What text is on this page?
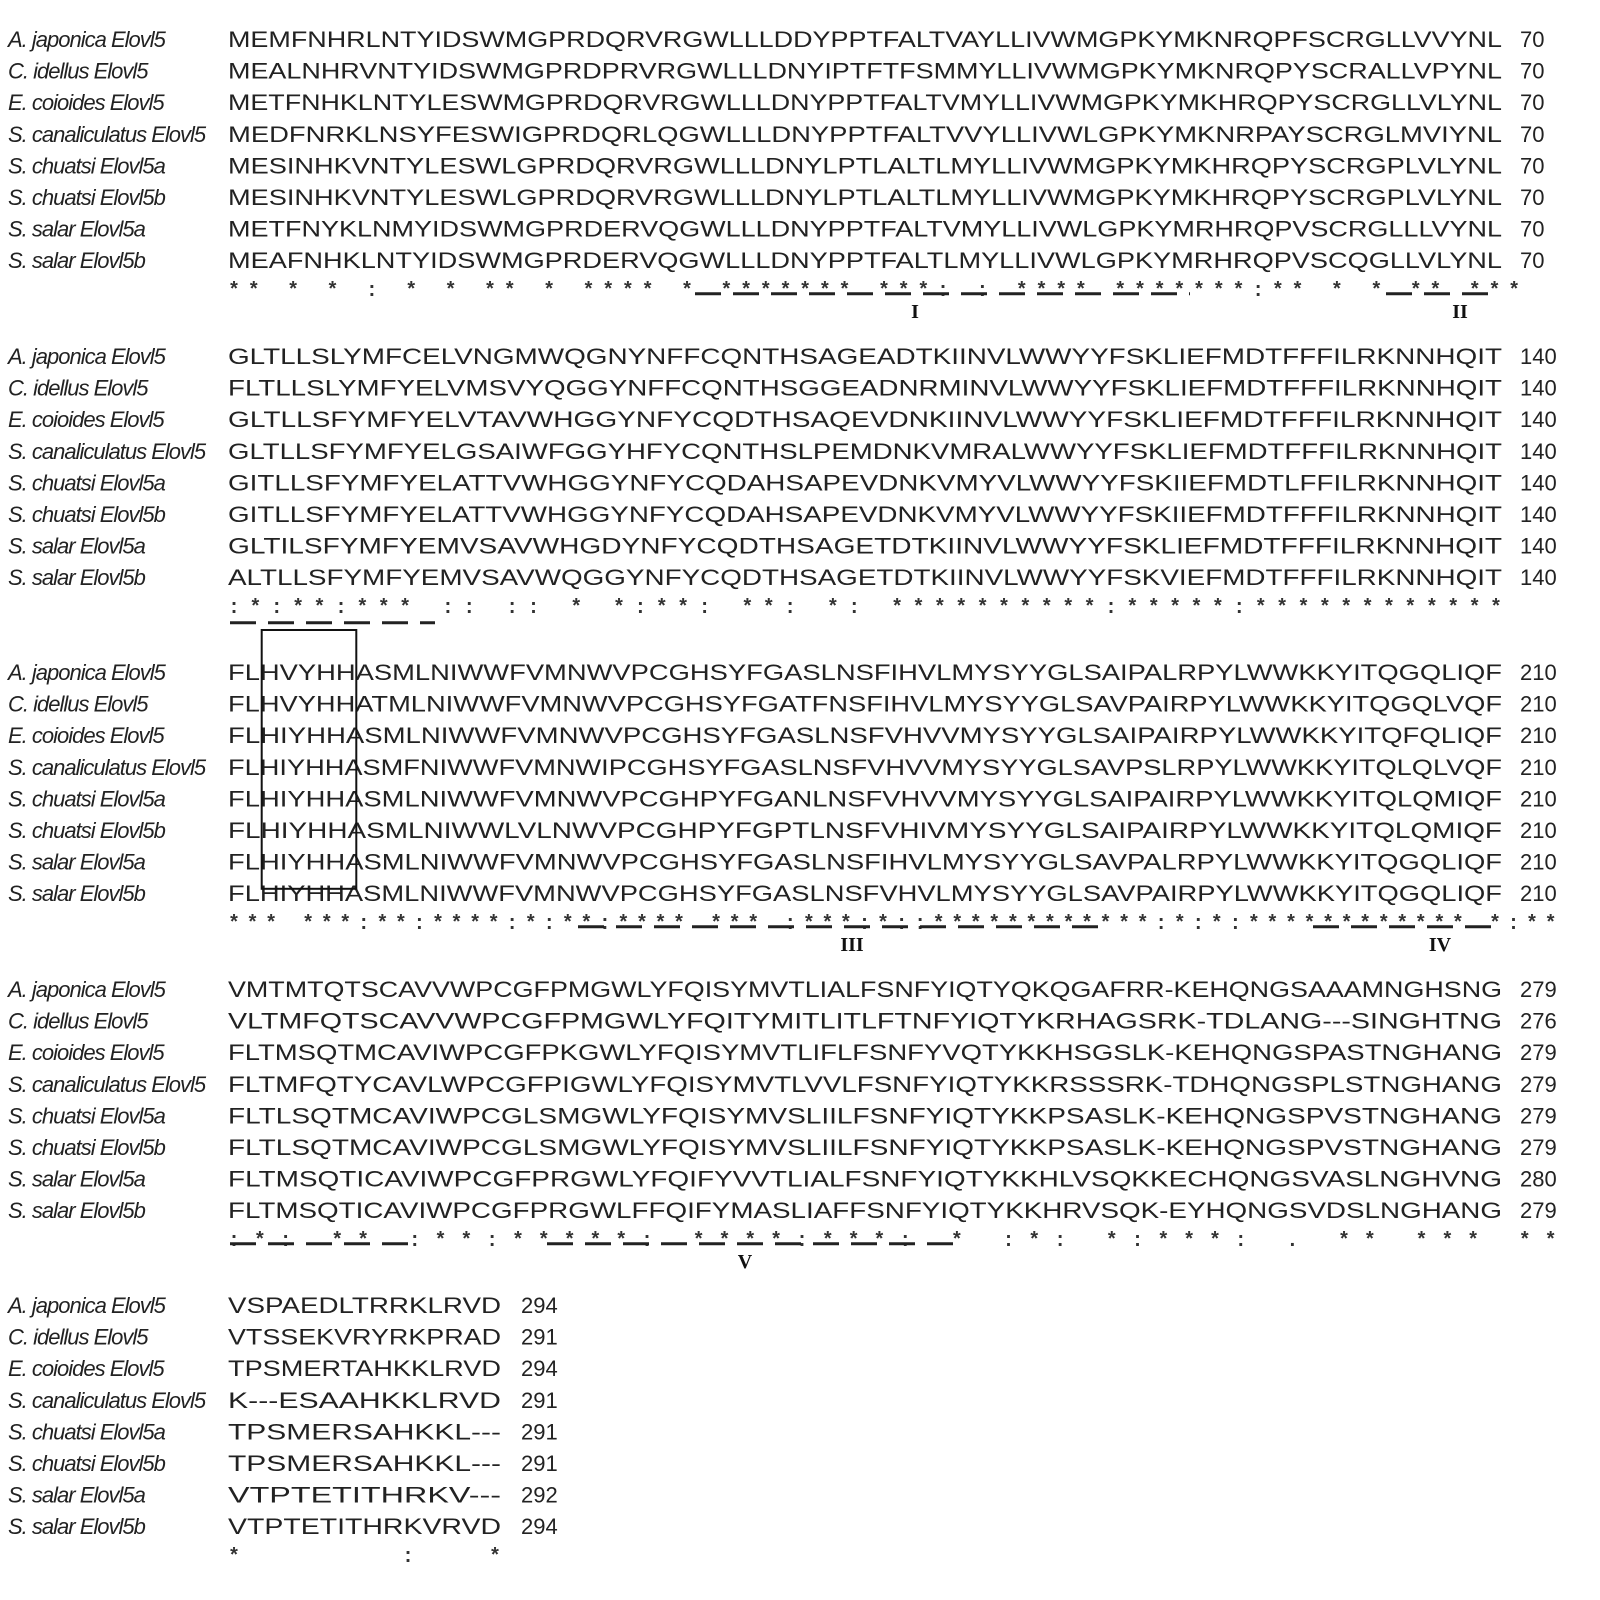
A. japonica Elovl5	MEMFNHRLNTYIDSWMGPRDQRVRGWLLLDDYPPTFALTVAYLLIVWMGPKYMKNRQPFSCRGLLVVYNL 70
C. idellus Elovl5	MEALNHRVNTYIDSWMGPRDPRVRGWLLLDNYIPTFTFSMMYLLIVWMGPKYMKNRQPYSCRALLVPYNL 70
E. coioides Elovl5	METFNHKLNTYLESWMGPRDQRVRGWLLLDNYPPTFALTVMYLLIVWMGPKYMKHRQPYSCRGLLVLYNL 70
S. canaliculatus Elovl5 MEDFNRKLNSYFESWIGPRDQRLQGWLLLDNYPPTFALTVVYLLIVWLGPKYMKNRPAYSCRGLMVIYNL 70
S. chuatsi Elovl5a	MESINHKVNTYLESWLGPRDQRVRGWLLLDNYLPTLALTLMYLLIVWMGPKYMKHRQPYSCRGPLVLYNL 70
S. chuatsi Elovl5b	MESINHKVNTYLESWLGPRDQRVRGWLLLDNYLPTLALTLMYLLIVWMGPKYMKHRQPYSCRGPLVLYNL 70
S. salar Elovl5a	METFNYKLNMYIDSWMGPRDERVQGWLLLDNYPPTFALTVMYLLIVWLGPKYMRHRQPVSCRGLLLVYNL 70
S. salar Elovl5b	MEAFNHKLNTYIDSWMGPRDERVQGWLLLDNYPPTFALTLMYLLIVWLGPKYMRHRQPVSCQGLLVLYNL 70
** * * : * * ** * **** * ******* ***: : **** *******:** * * ** ***
I	II
A. japonica Elovl5	GLTLLSLYMFCELVNGMWQGNYNFFCQNTHSAGEADTKIINVLWWYYFSKLIEFMDTFFFILRKNNHQIT 140
C. idellus Elovl5	FLTLLSLYMFYELVMSVYQGGYNFFCQNTHSGGEADNRMINVLWWYYFSKLIEFMDTFFFILRKNNHQIT 140
E. coioides Elovl5	GLTLLSFYMFYELVTAVWHGGYNFYCQDTHSAQEVDNKIINVLWWYYFSKLIEFMDTFFFILRKNNHQIT 140
S. canaliculatus Elovl5 GLTLLSFYMFYELGSAIWFGGYHFYCQNTHSLPEMDNKVMRALWWYYFSKLIEFMDTFFFILRKNNHQIT 140
S. chuatsi Elovl5a	GITLLSFYMFYELATTVWHGGYNFYCQDAHSAPEVDNKVMYVLWWYYFSKIIEFMDTLFFILRKNNHQIT 140
S. chuatsi Elovl5b	GITLLSFYMFYELATTVWHGGYNFYCQDAHSAPEVDNKVMYVLWWYYFSKIIEFMDTFFFILRKNNHQIT 140
S. salar Elovl5a	GLTILSFYMFYEMVSAVWHGDYNFYCQDTHSAGETDTKIINVLWWYYFSKLIEFMDTFFFILRKNNHQIT 140
S. salar Elovl5b	ALTLLSFYMFYEMVSAVWQGGYNFYCQDTHSAGETDTKIINVLWWYYFSKVIEFMDTFFFILRKNNHQIT 140
:*:**:*** :: :: * *:**: **: *: **********:*****:************
A. japonica Elovl5	FLHVYHHASMLNIWWFVMNWVPCGHSYFGASLNSFIHVLMYSYYGLSAIPALRPYLWWKKYITQGQLIQF 210
C. idellus Elovl5	FLHVYHHATMLNIWWFVMNWVPCGHSYFGATFNSFIHVLMYSYYGLSAVPAIRPYLWWKKYITQGQLVQF 210
E. coioides Elovl5	FLHIYHHASMLNIWWFVMNWVPCGHSYFGASLNSFVHVVMYSYYGLSAIPAIRPYLWWKKYITQFQLIQF 210
S. canaliculatus Elovl5 FLHIYHHASMFNIWWFVMNWIPCGHSYFGASLNSFVHVVMYSYYGLSAVPSLRPYLWWKKYITQLQLVQF 210
S. chuatsi Elovl5a	FLHIYHHASMLNIWWFVMNWVPCGHPYFGANLNSFVHVVMYSYYGLSAIPAIRPYLWWKKYITQLQMIQF 210
S. chuatsi Elovl5b	FLHIYHHASMLNIWWLVLNWVPCGHPYFGPTLNSFVHIVMYSYYGLSAIPAIRPYLWWKKYITQLQMIQF 210
S. salar Elovl5a	FLHIYHHASMLNIWWFVMNWVPCGHSYFGASLNSFIHVLMYSYYGLSAVPALRPYLWWKKYITQGQLIQF 210
S. salar Elovl5b	FLHIYHHASMLNIWWFVMNWVPCGHSYFGASLNSFVHVLMYSYYGLSAVPAIRPYLWWKKYITQGQLIQF 210
*** ***:**:****:*:**:**** *** :***:*::************:*:*:************ *:**
III	IV
A. japonica Elovl5	VMTMTQTSCAVVWPCGFPMGWLYFQISYMVTLIALFSNFYIQTYQKQGAFRR-KEHQNGSAAAMNGHSNG 279
C. idellus Elovl5	VLTMFQTSCAVVWPCGFPMGWLYFQITYMITLITLFTNFYIQTYKRHAGSRK-TDLANG---SINGHTNG 276
E. coioides Elovl5	FLTMSQTMCAVIWPCGFPKGWLYFQISYMVTLIFLFSNFYVQTYKKHSGSLK-KEHQNGSPASTNGHANG 279
S. canaliculatus Elovl5 FLTMFQTYCAVLWPCGFPIGWLYFQISYMVTLVVLFSNFYIQTYKKRSSSRK-TDHQNGSPLSTNGHANG 279
S. chuatsi Elovl5a	FLTLSQTMCAVIWPCGLSMGWLYFQISYMVSLIILFSNFYIQTYKKPSASLK-KEHQNGSPVSTNGHANG 279
S. chuatsi Elovl5b	FLTLSQTMCAVIWPCGLSMGWLYFQISYMVSLIILFSNFYIQTYKKPSASLK-KEHQNGSPVSTNGHANG 279
S. salar Elovl5a	FLTMSQTICAVIWPCGFPRGWLYFQIFYVVTLIALFSNFYIQTYKKHLVSQKKECHQNGSVASLNGHVNG 280
S. salar Elovl5b	FLTMSQTICAVIWPCGFPRGWLFFQIFYMASLIAFFSNFYIQTYKKHRVSQK-EYHQNGSVDSLNGHANG 279
:*: ** :**:*****: ****:***: * :*: *:***: . ** *** **
V
A. japonica Elovl5	VSPAEDLTRRKLRVD 294
C. idellus Elovl5	VTSSEKVRYRKPRAD 291
E. coioides Elovl5	TPSMERTAHKKLRVD 294
S. canaliculatus Elovl5 K---ESAAHKKLRVD 291
S. chuatsi Elovl5a	TPSMERSAHKKL--- 291
S. chuatsi Elovl5b	TPSMERSAHKKL--- 291
S. salar Elovl5a	VTPTETITHRKV--- 292
S. salar Elovl5b	VTPTETITHRKVRVD 294
* :*
